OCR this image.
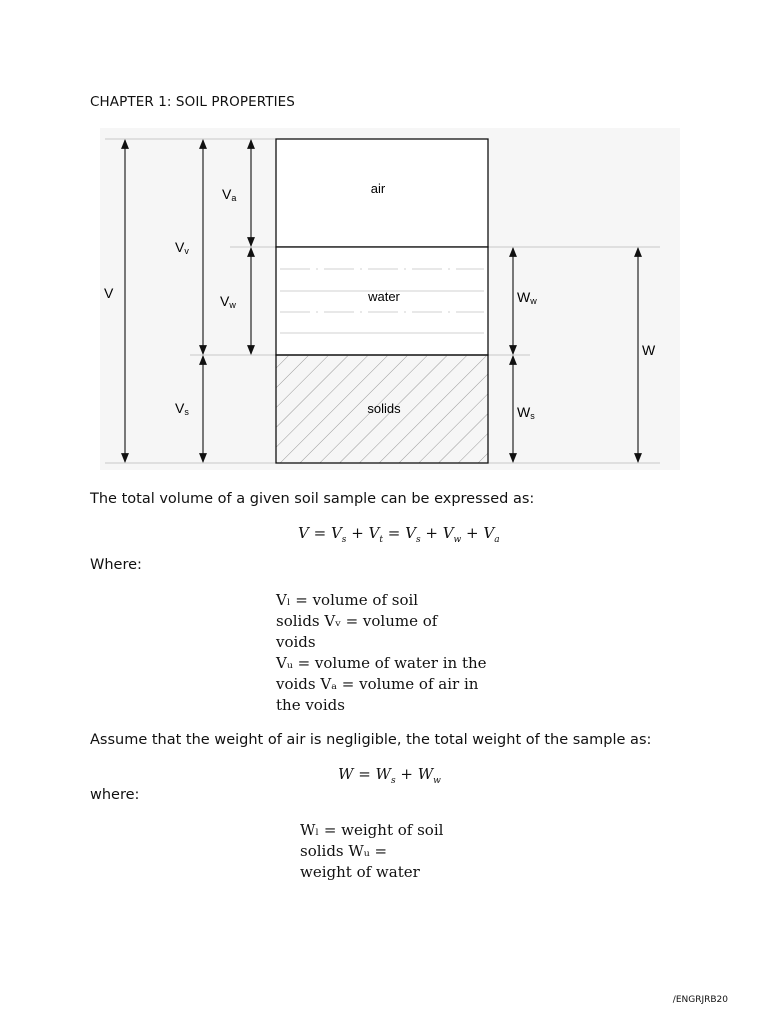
CHAPTER 1: SOIL PROPERTIES
air
water
solids
V
Vv
Vs
Va
Vw	Ww
Ws
W
The total volume of a given soil sample can be expressed as:
$V = V_s + V_t = V_s + V_w + V_a$
Where:
Vₗ = volume of soil
solids Vᵥ = volume of
voids
Vᵤ = volume of water in the
voids Vₐ = volume of air in
the voids
Assume that the weight of air is negligible, the total weight of the sample as:
$W = W_s + W_w$
where:
Wₗ = weight of soil
solids Wᵤ =
weight of water
/ENGRJRB20
